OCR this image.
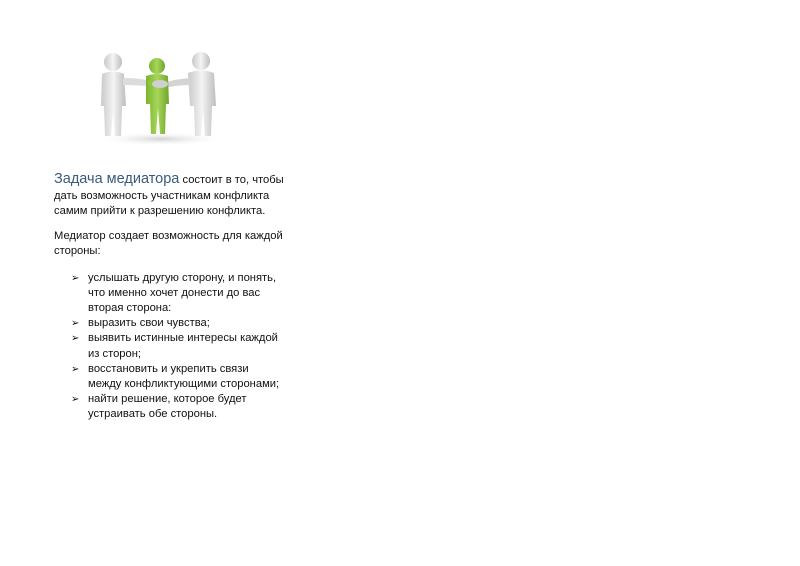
Задача медиатора состоит в то, чтобы дать возможность участникам конфликта самим прийти к разрешению конфликта.

Медиатор создает возможность для каждой стороны:

➢ услышать другую сторону, и понять, что именно хочет донести до вас вторая сторона:
➢ выразить свои чувства;
➢ выявить истинные интересы каждой из сторон;
➢ восстановить и укрепить связи между конфликтующими сторонами;
➢ найти решение, которое будет устраивать обе стороны.
